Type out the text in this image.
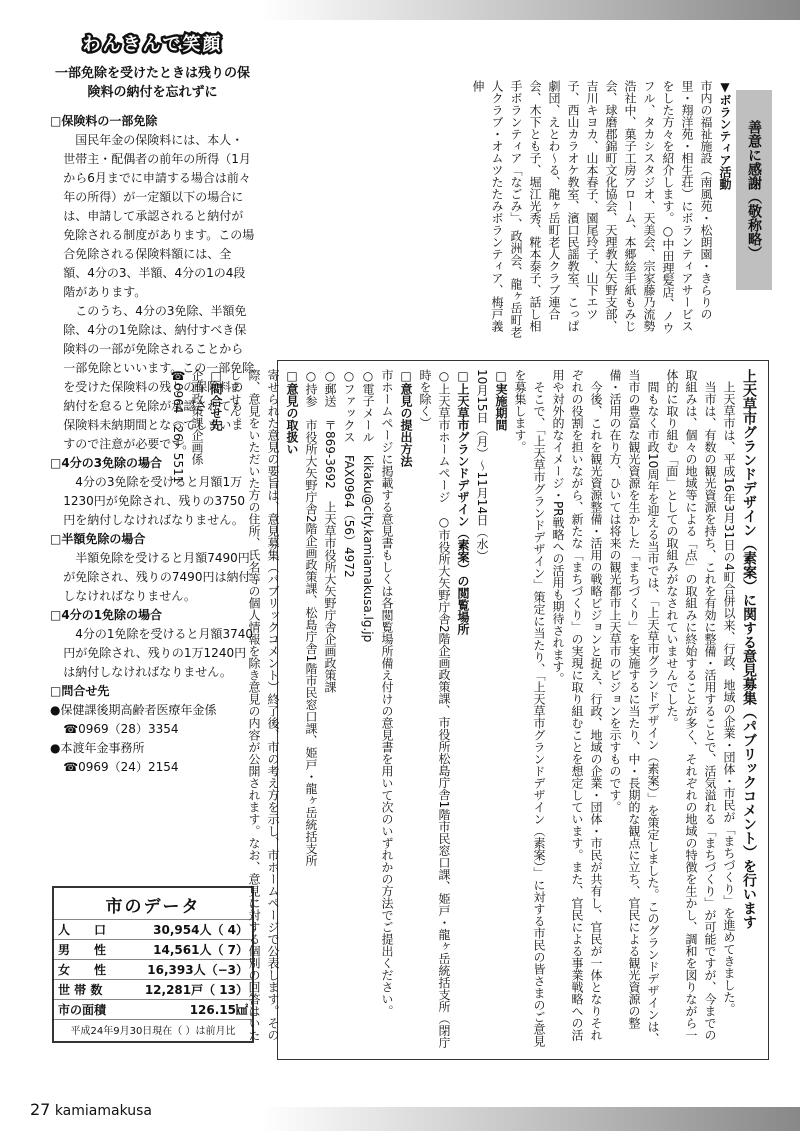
わんきんで笑顔
一部免除を受けたときは残りの保険料の納付を忘れずに
□保険料の一部免除
国民年金の保険料には、本人・世帯主・配偶者の前年の所得（1月から6月までに申請する場合は前々年の所得）が一定額以下の場合には、申請して承認されると納付が免除される制度があります。この場合免除される保険料額には、全額、4分の3、半額、4分の1の4段階があります。
このうち、4分の3免除、半額免除、4分の1免除は、納付すべき保険料の一部が免除されることから一部免除といいます。この一部免除を受けた保険料の残りの保険料の納付を怠ると免除が承認されても保険料未納期間となってしまいますので注意が必要です。
□4分の3免除の場合
4分の3免除を受けると月額1万1230円が免除され、残りの3750円を納付しなければなりません。
□半額免除の場合
半額免除を受けると月額7490円が免除され、残りの7490円は納付しなければなりません。
□4分の1免除の場合
4分の1免除を受けると月額3740円が免除され、残りの1万1240円は納付しなければなりません。
□問合せ先
●保健課後期高齢者医療年金係
☎0969（28）3354
●本渡年金事務所
☎0969（24）2154
市のデータ
人　　口	30,954人（ 4）
男　　性	14,561人（ 7）
女　　性	16,393人（−3）
世 帯 数	12,281戸（ 13）
市の面積	126.15㎢
平成24年9月30日現在（ ）は前月比
善意に感謝（敬称略）
▼ボランティア活動
市内の福祉施設（南風苑・松朗園・きらりの里・翔洋苑・相生荘）にボランティアサービスをした方々を紹介します。○中田理髪店、ノウフル、タカシスタジオ、天美会、宗家藤乃流勢浩社中、菓子工房アローム、本郷絵手紙もみじ会、球磨郡錦町文化協会、天理教大矢野支部、吉川キヨカ、山本春子、園尾玲子、山下エツ子、西山カラオケ教室、濱口民謡教室、こっぱ劇団、えとわ〜る、龍ヶ岳町老人クラブ連合会、木下とも子、堀江光秀、糀本泰子、話し相手ボランティア「なごみ」、政洲会、龍ヶ岳町老人クラブ・オムツたたみボランティア、梅戸義伸
上天草市グランドデザイン（素案）に関する意見募集（パブリックコメント）を行います
上天草市は、平成16年3月31日の4町合併以来、行政、地域の企業・団体・市民が「まちづくり」を進めてきました。
当市は、有数の観光資源を持ち、これを有効に整備・活用することで、活気溢れる「まちづくり」が可能ですが、今までの取組みは、個々の地域等による「点」の取組みに終始することが多く、それぞれの地域の特徴を生かし、調和を図りながら一体的に取り組む「面」としての取組みがなされていませんでした。
間もなく市政10周年を迎える当市では、「上天草市グランドデザイン（素案）」を策定しました。このグランドデザインは、当市の豊富な観光資源を生かした「まちづくり」を実施するに当たり、中・長期的な観点に立ち、官民による観光資源の整備・活用の在り方、ひいては将来の観光都市上天草市のビジョンを示すものです。
今後、これを観光資源整備・活用の戦略ビジョンと捉え、行政、地域の企業・団体・市民が共有し、官民が一体となりそれぞれの役割を担いながら、新たな「まちづくり」の実現に取り組むことを想定しています。また、官民による事業戦略への活用や対外的なイメージ・PR戦略への活用も期待されます。
そこで、「上天草市グランドデザイン」策定に当たり、「上天草市グランドデザイン（素案）」に対する市民の皆さまのご意見を募集します。
□実施期間
10月15日（月）〜11月14日（水）
□上天草市グランドデザイン（素案）の閲覧場所
○上天草市ホームページ　○市役所大矢野庁舎2階企画政策課、市役所松島庁舎1階市民窓口課、姫戸・龍ヶ岳統括支所（閉庁時を除く）
□意見の提出方法
市ホームページに掲載する意見書もしくは各閲覧場所備え付けの意見書を用いて次のいずれかの方法でご提出ください。
○電子メール　kikaku@city.kamiamakusa.lg.jp
○ファックス　FAX0964（56）4972
○郵送　〒869-3692　上天草市役所大矢野庁舎企画政策課
○持参　市役所大矢野庁舎2階企画政策課、松島庁舎1階市民窓口課、姫戸・龍ヶ岳統括支所
□意見の取扱い
寄せられた意見の要旨は、意見募集（パブリックコメント）終了後、市の考え方を示し、市ホームページで公表します。その際、意見をいただいた方の住所、氏名等の個人情報を除き意見の内容が公開されます。なお、意見に対する個別の回答はいたしません。
□問合せ先
企画政策課企画係
☎0964（26）5511
27 kamiamakusa
